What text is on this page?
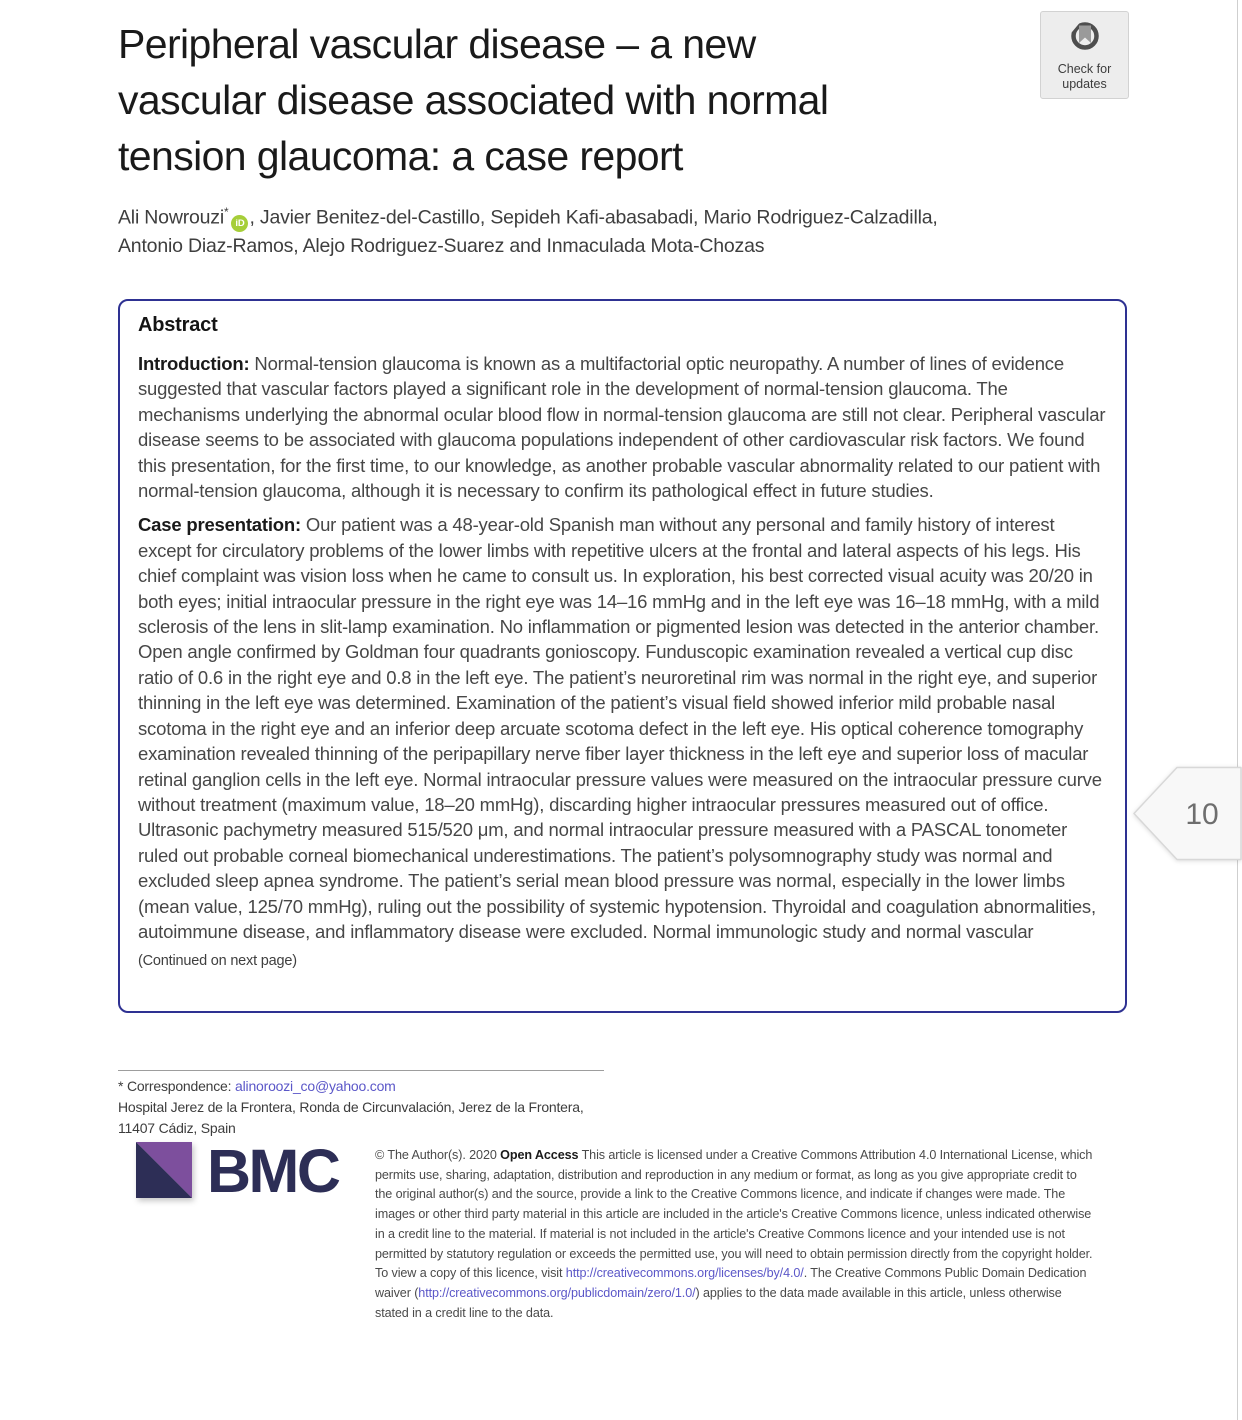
Peripheral vascular disease – a new
vascular disease associated with normal
tension glaucoma: a case report
Check for
updates
Ali Nowrouzi*iD , Javier Benitez-del-Castillo, Sepideh Kafi-abasabadi, Mario Rodriguez-Calzadilla,
Antonio Diaz-Ramos, Alejo Rodriguez-Suarez and Inmaculada Mota-Chozas
Abstract

Introduction: Normal-tension glaucoma is known as a multifactorial optic neuropathy. A number of lines of evidence suggested that vascular factors played a significant role in the development of normal-tension glaucoma. The mechanisms underlying the abnormal ocular blood flow in normal-tension glaucoma are still not clear. Peripheral vascular disease seems to be associated with glaucoma populations independent of other cardiovascular risk factors. We found this presentation, for the first time, to our knowledge, as another probable vascular abnormality related to our patient with normal-tension glaucoma, although it is necessary to confirm its pathological effect in future studies.

Case presentation: Our patient was a 48-year-old Spanish man without any personal and family history of interest except for circulatory problems of the lower limbs with repetitive ulcers at the frontal and lateral aspects of his legs. His chief complaint was vision loss when he came to consult us. In exploration, his best corrected visual acuity was 20/20 in both eyes; initial intraocular pressure in the right eye was 14–16 mmHg and in the left eye was 16–18 mmHg, with a mild sclerosis of the lens in slit-lamp examination. No inflammation or pigmented lesion was detected in the anterior chamber. Open angle confirmed by Goldman four quadrants gonioscopy. Funduscopic examination revealed a vertical cup disc ratio of 0.6 in the right eye and 0.8 in the left eye. The patient’s neuroretinal rim was normal in the right eye, and superior thinning in the left eye was determined. Examination of the patient’s visual field showed inferior mild probable nasal scotoma in the right eye and an inferior deep arcuate scotoma defect in the left eye. His optical coherence tomography examination revealed thinning of the peripapillary nerve fiber layer thickness in the left eye and superior loss of macular retinal ganglion cells in the left eye. Normal intraocular pressure values were measured on the intraocular pressure curve without treatment (maximum value, 18–20 mmHg), discarding higher intraocular pressures measured out of office. Ultrasonic pachymetry measured 515/520 μm, and normal intraocular pressure measured with a PASCAL tonometer ruled out probable corneal biomechanical underestimations. The patient’s polysomnography study was normal and excluded sleep apnea syndrome. The patient’s serial mean blood pressure was normal, especially in the lower limbs (mean value, 125/70 mmHg), ruling out the possibility of systemic hypotension. Thyroidal and coagulation abnormalities, autoimmune disease, and inflammatory disease were excluded. Normal immunologic study and normal vascular

(Continued on next page)
10
* Correspondence: alinoroozi_co@yahoo.com
Hospital Jerez de la Frontera, Ronda de Circunvalación, Jerez de la Frontera,
11407 Cádiz, Spain
BMC	© The Author(s). 2020 Open Access This article is licensed under a Creative Commons Attribution 4.0 International License, which permits use, sharing, adaptation, distribution and reproduction in any medium or format, as long as you give appropriate credit to the original author(s) and the source, provide a link to the Creative Commons licence, and indicate if changes were made. The images or other third party material in this article are included in the article's Creative Commons licence, unless indicated otherwise in a credit line to the material. If material is not included in the article's Creative Commons licence and your intended use is not permitted by statutory regulation or exceeds the permitted use, you will need to obtain permission directly from the copyright holder. To view a copy of this licence, visit http://creativecommons.org/licenses/by/4.0/. The Creative Commons Public Domain Dedication waiver (http://creativecommons.org/publicdomain/zero/1.0/) applies to the data made available in this article, unless otherwise stated in a credit line to the data.
